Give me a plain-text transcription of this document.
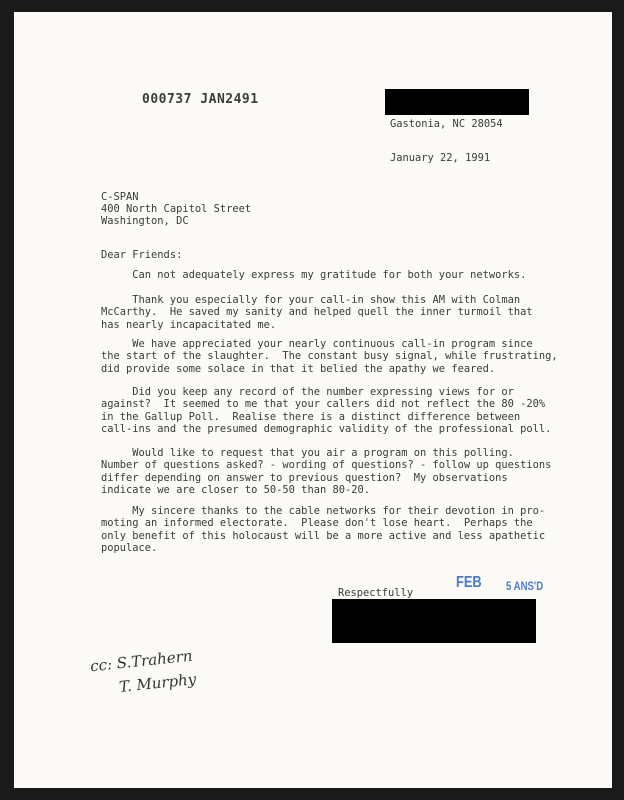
000737 JAN2491

Gastonia, NC 28054

January 22, 1991

C-SPAN

400 North Capitol Street

Washington, DC

Dear Friends:

Can not adequately express my gratitude for both your networks.

Thank you especially for your call-in show this AM with Colman
McCarthy.  He saved my sanity and helped quell the inner turmoil that
has nearly incapacitated me.

We have appreciated your nearly continuous call-in program since
the start of the slaughter.  The constant busy signal, while frustrating,
did provide some solace in that it belied the apathy we feared.

Did you keep any record of the number expressing views for or
against?  It seemed to me that your callers did not reflect the 80 -20%
in the Gallup Poll.  Realise there is a distinct difference between
call-ins and the presumed demographic validity of the professional poll.

Would like to request that you air a program on this polling.
Number of questions asked? - wording of questions? - follow up questions
differ depending on answer to previous question?  My observations
indicate we are closer to 50-50 than 80-20.

My sincere thanks to the cable networks for their devotion in pro-
moting an informed electorate.  Please don't lose heart.  Perhaps the
only benefit of this holocaust will be a more active and less apathetic
populace.

Respectfully

FEB 5 ANS'D
cc: S.Trahern
T. Murphy
